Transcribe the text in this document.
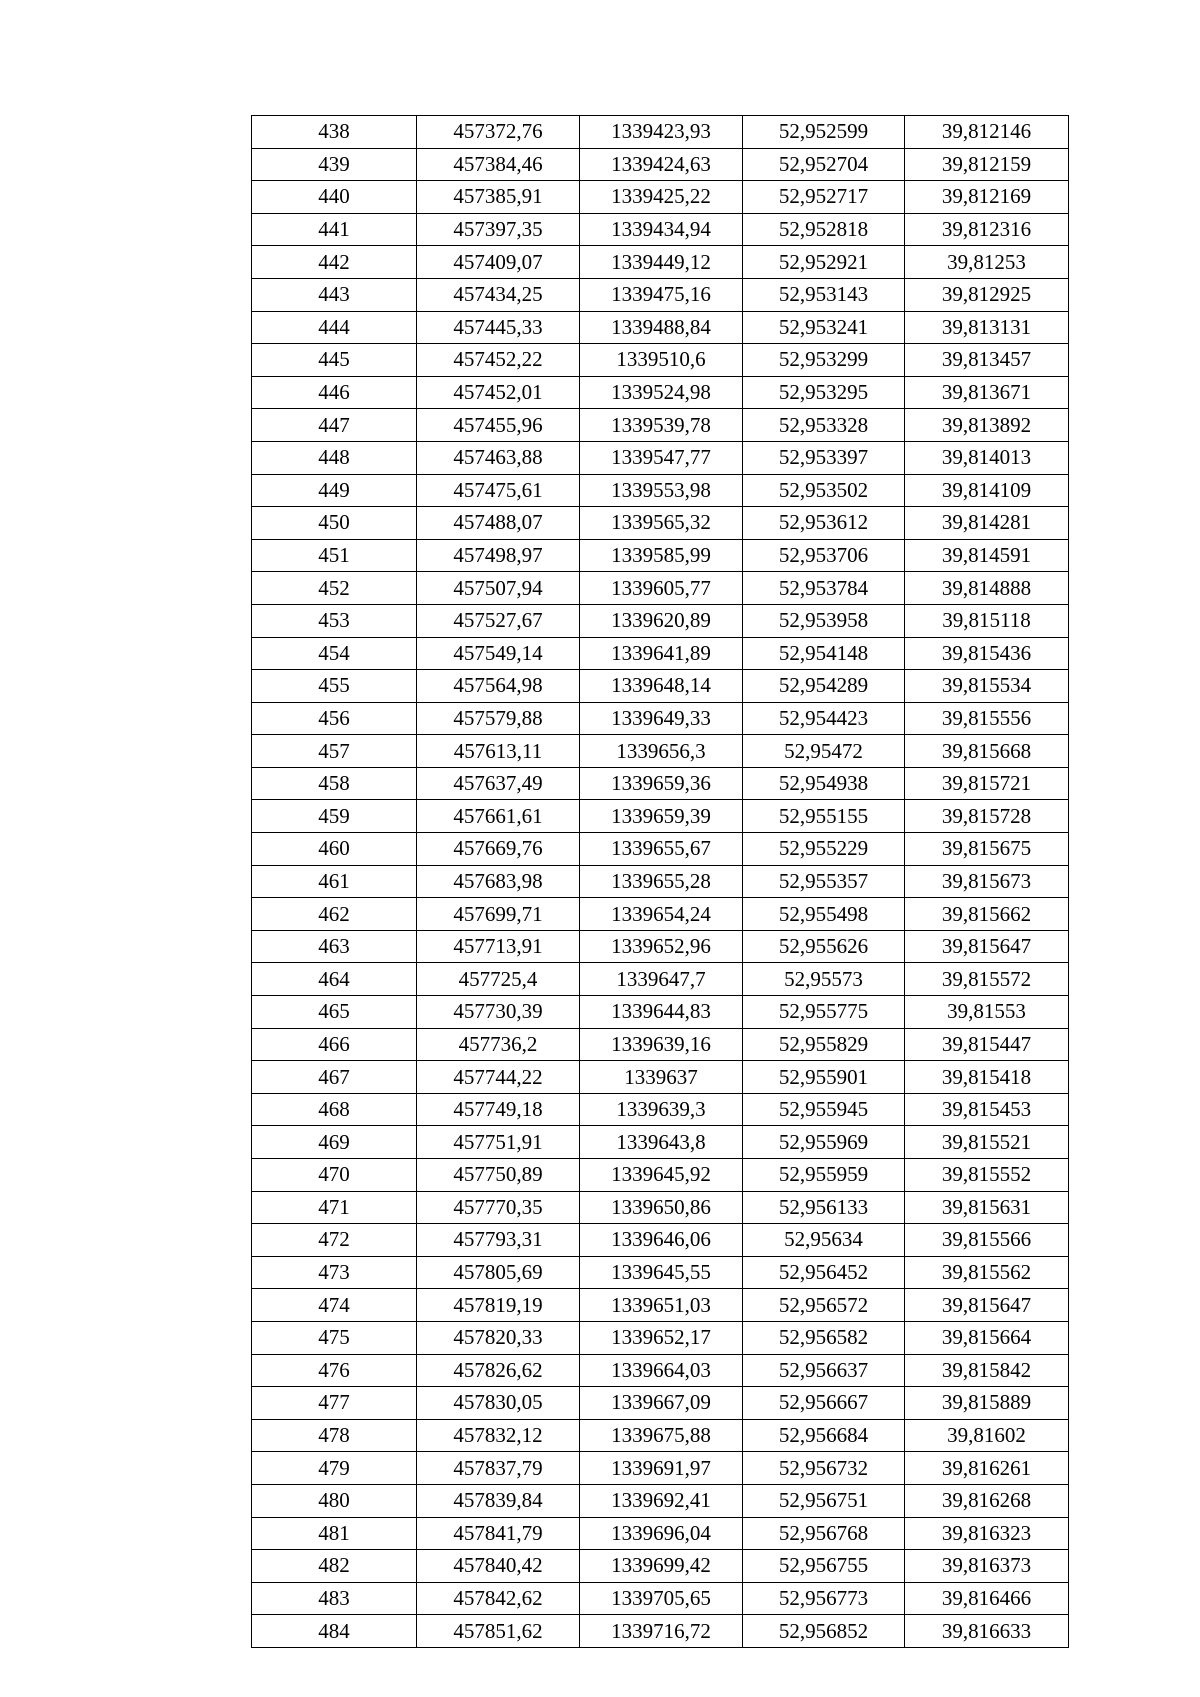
438	457372,76	1339423,93	52,952599	39,812146
439	457384,46	1339424,63	52,952704	39,812159
440	457385,91	1339425,22	52,952717	39,812169
441	457397,35	1339434,94	52,952818	39,812316
442	457409,07	1339449,12	52,952921	39,81253
443	457434,25	1339475,16	52,953143	39,812925
444	457445,33	1339488,84	52,953241	39,813131
445	457452,22	1339510,6	52,953299	39,813457
446	457452,01	1339524,98	52,953295	39,813671
447	457455,96	1339539,78	52,953328	39,813892
448	457463,88	1339547,77	52,953397	39,814013
449	457475,61	1339553,98	52,953502	39,814109
450	457488,07	1339565,32	52,953612	39,814281
451	457498,97	1339585,99	52,953706	39,814591
452	457507,94	1339605,77	52,953784	39,814888
453	457527,67	1339620,89	52,953958	39,815118
454	457549,14	1339641,89	52,954148	39,815436
455	457564,98	1339648,14	52,954289	39,815534
456	457579,88	1339649,33	52,954423	39,815556
457	457613,11	1339656,3	52,95472	39,815668
458	457637,49	1339659,36	52,954938	39,815721
459	457661,61	1339659,39	52,955155	39,815728
460	457669,76	1339655,67	52,955229	39,815675
461	457683,98	1339655,28	52,955357	39,815673
462	457699,71	1339654,24	52,955498	39,815662
463	457713,91	1339652,96	52,955626	39,815647
464	457725,4	1339647,7	52,95573	39,815572
465	457730,39	1339644,83	52,955775	39,81553
466	457736,2	1339639,16	52,955829	39,815447
467	457744,22	1339637	52,955901	39,815418
468	457749,18	1339639,3	52,955945	39,815453
469	457751,91	1339643,8	52,955969	39,815521
470	457750,89	1339645,92	52,955959	39,815552
471	457770,35	1339650,86	52,956133	39,815631
472	457793,31	1339646,06	52,95634	39,815566
473	457805,69	1339645,55	52,956452	39,815562
474	457819,19	1339651,03	52,956572	39,815647
475	457820,33	1339652,17	52,956582	39,815664
476	457826,62	1339664,03	52,956637	39,815842
477	457830,05	1339667,09	52,956667	39,815889
478	457832,12	1339675,88	52,956684	39,81602
479	457837,79	1339691,97	52,956732	39,816261
480	457839,84	1339692,41	52,956751	39,816268
481	457841,79	1339696,04	52,956768	39,816323
482	457840,42	1339699,42	52,956755	39,816373
483	457842,62	1339705,65	52,956773	39,816466
484	457851,62	1339716,72	52,956852	39,816633
